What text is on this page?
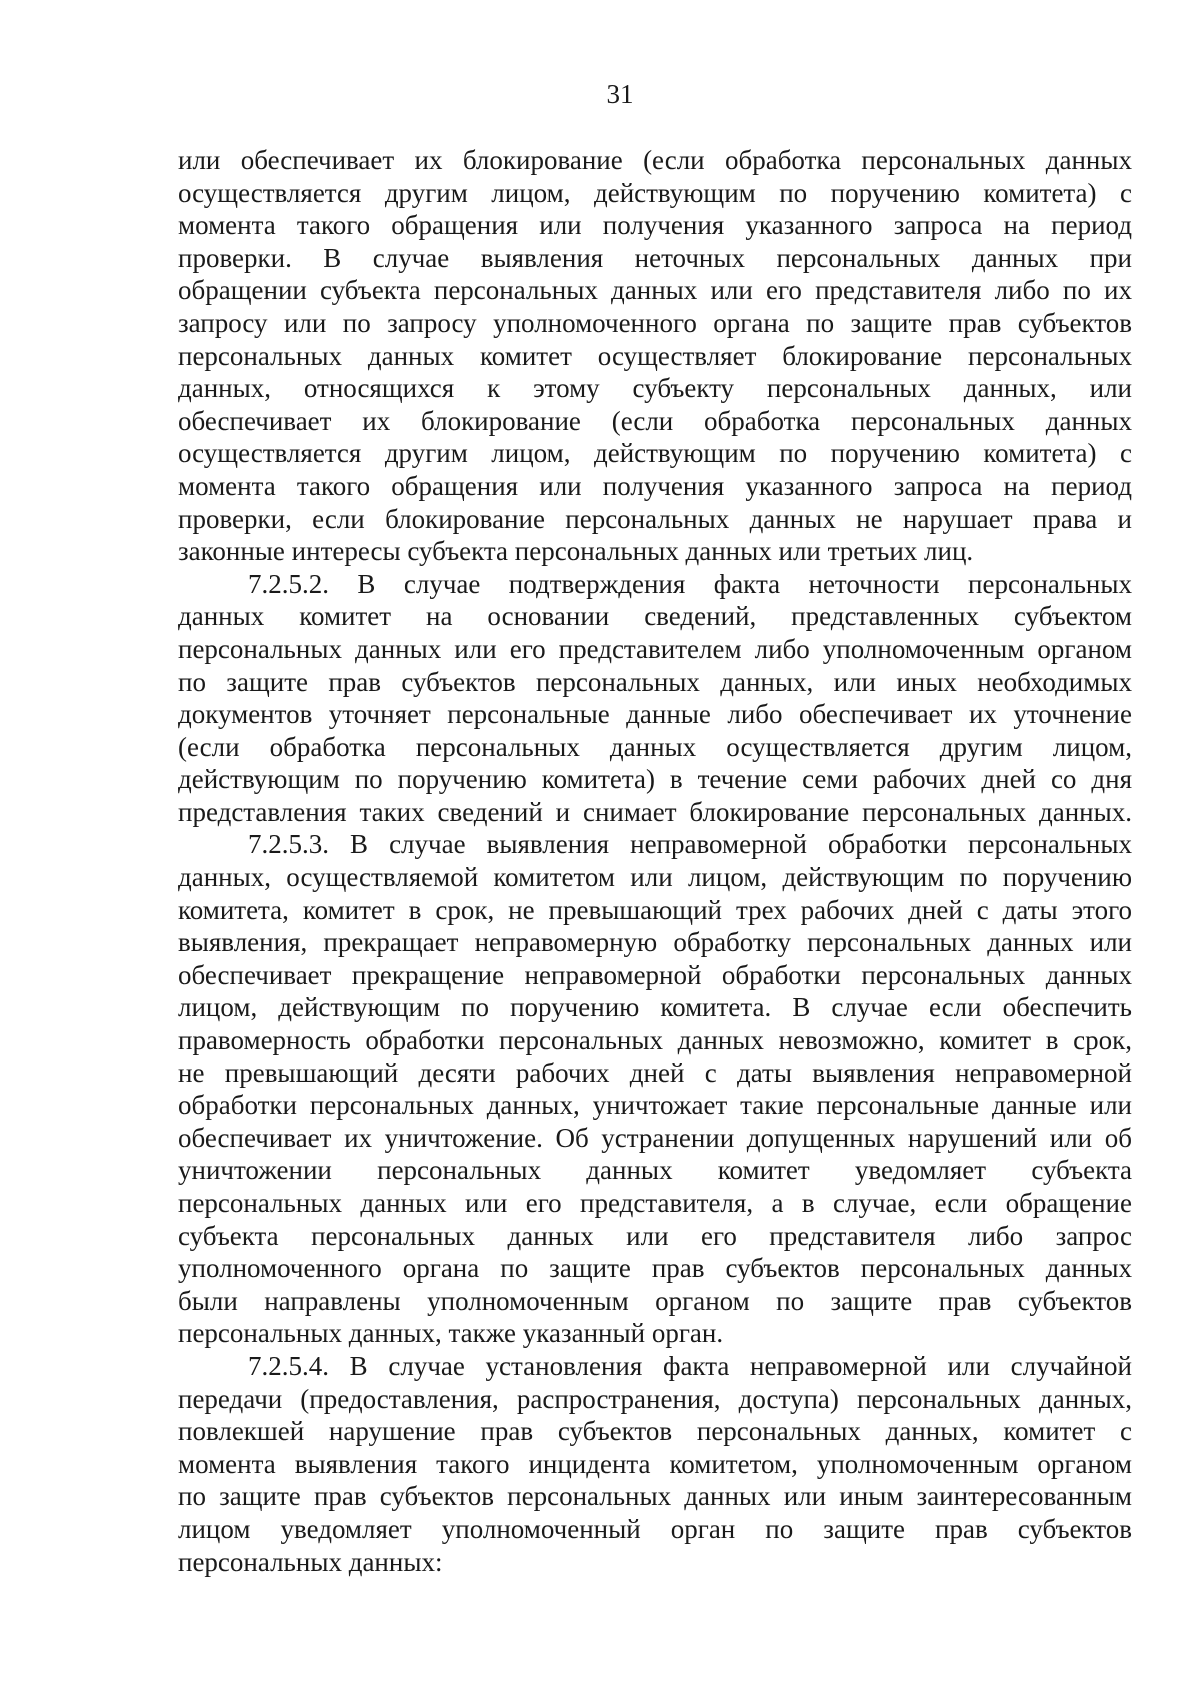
31
или обеспечивает их блокирование (если обработка персональных данных
осуществляется другим лицом, действующим по поручению комитета) с
момента такого обращения или получения указанного запроса на период
проверки. В случае выявления неточных персональных данных при
обращении субъекта персональных данных или его представителя либо по их
запросу или по запросу уполномоченного органа по защите прав субъектов
персональных данных комитет осуществляет блокирование персональных
данных, относящихся к этому субъекту персональных данных, или
обеспечивает их блокирование (если обработка персональных данных
осуществляется другим лицом, действующим по поручению комитета) с
момента такого обращения или получения указанного запроса на период
проверки, если блокирование персональных данных не нарушает права и
законные интересы субъекта персональных данных или третьих лиц.
7.2.5.2. В случае подтверждения факта неточности персональных
данных комитет на основании сведений, представленных субъектом
персональных данных или его представителем либо уполномоченным органом
по защите прав субъектов персональных данных, или иных необходимых
документов уточняет персональные данные либо обеспечивает их уточнение
(если обработка персональных данных осуществляется другим лицом,
действующим по поручению комитета) в течение семи рабочих дней со дня
представления таких сведений и снимает блокирование персональных данных.
7.2.5.3. В случае выявления неправомерной обработки персональных
данных, осуществляемой комитетом или лицом, действующим по поручению
комитета, комитет в срок, не превышающий трех рабочих дней с даты этого
выявления, прекращает неправомерную обработку персональных данных или
обеспечивает прекращение неправомерной обработки персональных данных
лицом, действующим по поручению комитета. В случае если обеспечить
правомерность обработки персональных данных невозможно, комитет в срок,
не превышающий десяти рабочих дней с даты выявления неправомерной
обработки персональных данных, уничтожает такие персональные данные или
обеспечивает их уничтожение. Об устранении допущенных нарушений или об
уничтожении персональных данных комитет уведомляет субъекта
персональных данных или его представителя, а в случае, если обращение
субъекта персональных данных или его представителя либо запрос
уполномоченного органа по защите прав субъектов персональных данных
были направлены уполномоченным органом по защите прав субъектов
персональных данных, также указанный орган.
7.2.5.4. В случае установления факта неправомерной или случайной
передачи (предоставления, распространения, доступа) персональных данных,
повлекшей нарушение прав субъектов персональных данных, комитет с
момента выявления такого инцидента комитетом, уполномоченным органом
по защите прав субъектов персональных данных или иным заинтересованным
лицом уведомляет уполномоченный орган по защите прав субъектов
персональных данных:
